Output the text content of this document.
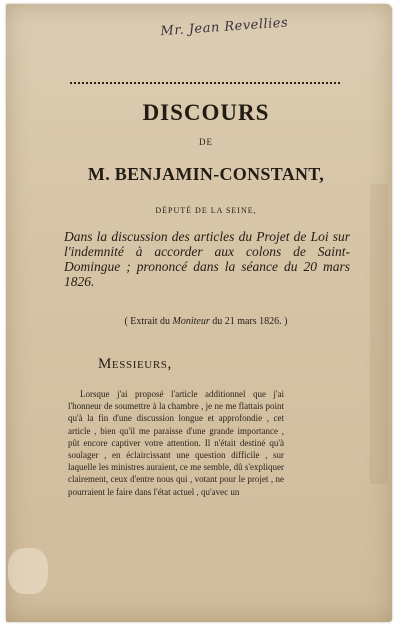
Mr. Jean Revellies
DISCOURS
DE
M. BENJAMIN-CONSTANT,
DÉPUTÉ DE LA SEINE,
Dans la discussion des articles du Projet de Loi sur l'indemnité à accorder aux colons de Saint-Domingue ; prononcé dans la séance du 20 mars 1826.
( Extrait du Moniteur du 21 mars 1826. )
Messieurs,
Lorsque j'ai proposé l'article additionnel que j'ai l'honneur de soumettre à la chambre , je ne me flattais point qu'à la fin d'une discussion longue et approfondie , cet article , bien qu'il me paraisse d'une grande importance , pût encore captiver votre attention. Il n'était destiné qu'à soulager , en éclaircissant une question difficile , sur laquelle les ministres auraient, ce me semble, dû s'expliquer clairement, ceux d'entre nous qui , votant pour le projet , ne pourraient le faire dans l'état actuel , qu'avec un
